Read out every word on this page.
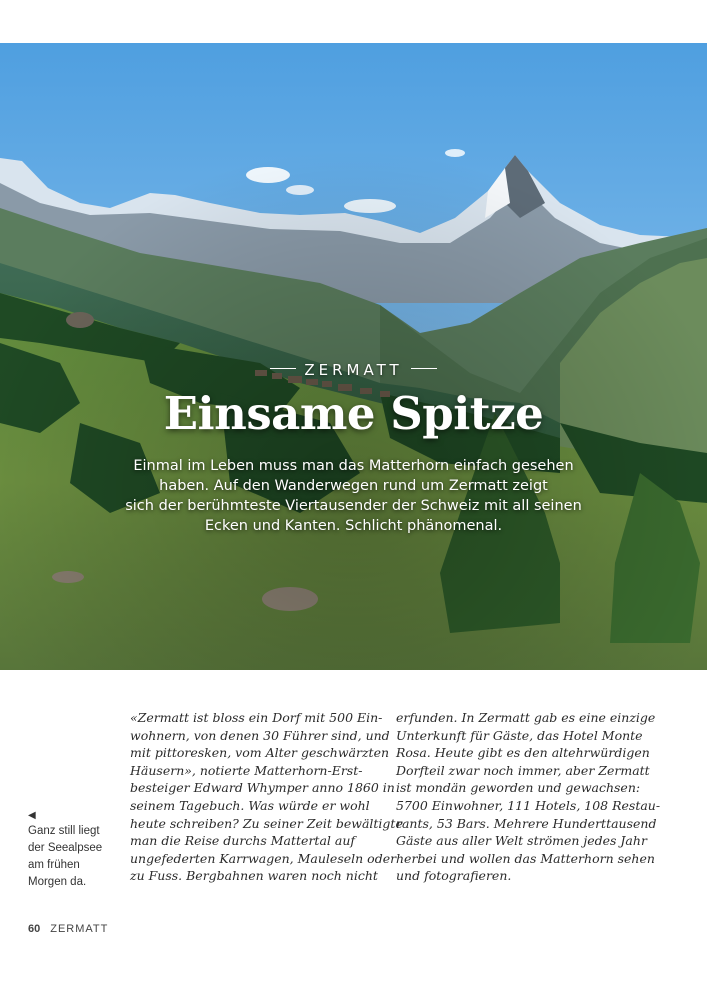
ZERMATT
Einsame Spitze
Einmal im Leben muss man das Matterhorn einfach gesehen
haben. Auf den Wanderwegen rund um Zermatt zeigt
sich der berühmteste Viertausender der Schweiz mit all seinen
Ecken und Kanten. Schlicht phänomenal.
◀
Ganz still liegt
der Seealpsee
am frühen
Morgen da.
«Zermatt ist bloss ein Dorf mit 500 Ein-
wohnern, von denen 30 Führer sind, und
mit pittoresken, vom Alter geschwärzten
Häusern», notierte Matterhorn-Erst-
besteiger Edward Whymper anno 1860 in
seinem Tagebuch. Was würde er wohl
heute schreiben? Zu seiner Zeit bewältigte
man die Reise durchs Mattertal auf
ungefederten Karrwagen, Mauleseln oder
zu Fuss. Bergbahnen waren noch nicht
erfunden. In Zermatt gab es eine einzige
Unterkunft für Gäste, das Hotel Monte
Rosa. Heute gibt es den altehrwürdigen
Dorfteil zwar noch immer, aber Zermatt
ist mondän geworden und gewachsen:
5700 Einwohner, 111 Hotels, 108 Restau-
rants, 53 Bars. Mehrere Hunderttausend
Gäste aus aller Welt strömen jedes Jahr
herbei und wollen das Matterhorn sehen
und fotografieren.
60 ZERMATT
